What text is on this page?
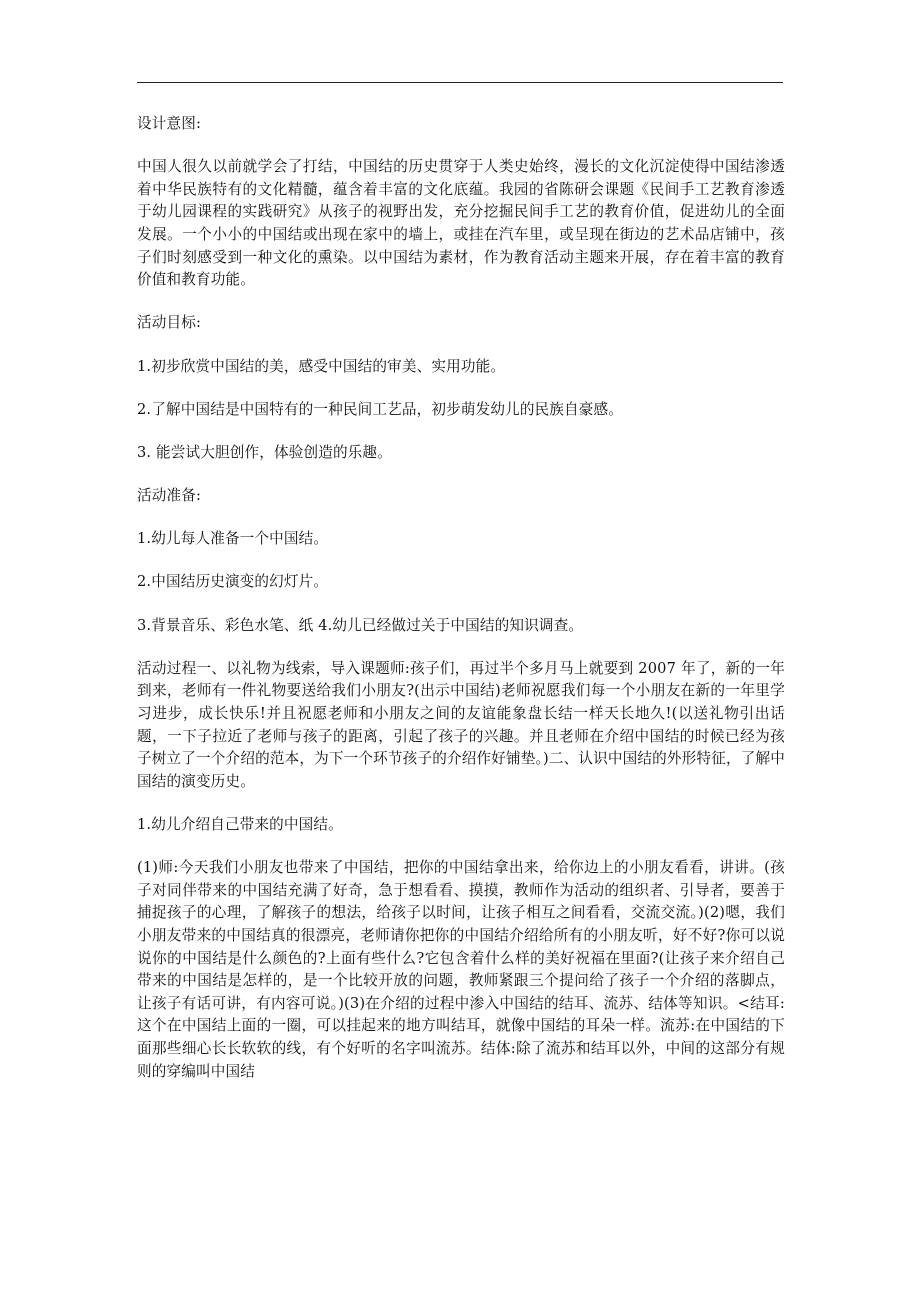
设计意图:

中国人很久以前就学会了打结，中国结的历史贯穿于人类史始终，漫长的文化沉淀使得中国结渗透着中华民族特有的文化精髓，蕴含着丰富的文化底蕴。我园的省陈研会课题《民间手工艺教育渗透于幼儿园课程的实践研究》从孩子的视野出发，充分挖掘民间手工艺的教育价值，促进幼儿的全面发展。一个小小的中国结或出现在家中的墙上，或挂在汽车里，或呈现在街边的艺术品店铺中，孩子们时刻感受到一种文化的熏染。以中国结为素材，作为教育活动主题来开展，存在着丰富的教育价值和教育功能。

活动目标:

1.初步欣赏中国结的美，感受中国结的审美、实用功能。

2.了解中国结是中国特有的一种民间工艺品，初步萌发幼儿的民族自豪感。

3. 能尝试大胆创作，体验创造的乐趣。

活动准备:

1.幼儿每人准备一个中国结。

2.中国结历史演变的幻灯片。

3.背景音乐、彩色水笔、纸 4.幼儿已经做过关于中国结的知识调查。

活动过程一、以礼物为线索，导入课题师:孩子们，再过半个多月马上就要到 2007 年了，新的一年到来，老师有一件礼物要送给我们小朋友?(出示中国结)老师祝愿我们每一个小朋友在新的一年里学习进步，成长快乐!并且祝愿老师和小朋友之间的友谊能象盘长结一样天长地久!(以送礼物引出话题，一下子拉近了老师与孩子的距离，引起了孩子的兴趣。并且老师在介绍中国结的时候已经为孩子树立了一个介绍的范本，为下一个环节孩子的介绍作好铺垫。)二、认识中国结的外形特征，了解中国结的演变历史。

1.幼儿介绍自己带来的中国结。

(1)师:今天我们小朋友也带来了中国结，把你的中国结拿出来，给你边上的小朋友看看，讲讲。(孩子对同伴带来的中国结充满了好奇，急于想看看、摸摸，教师作为活动的组织者、引导者，要善于捕捉孩子的心理，了解孩子的想法，给孩子以时间，让孩子相互之间看看，交流交流。)(2)嗯，我们小朋友带来的中国结真的很漂亮，老师请你把你的中国结介绍给所有的小朋友听，好不好?你可以说说你的中国结是什么颜色的?上面有些什么?它包含着什么样的美好祝福在里面?(让孩子来介绍自己带来的中国结是怎样的，是一个比较开放的问题，教师紧跟三个提问给了孩子一个介绍的落脚点，让孩子有话可讲，有内容可说。)(3)在介绍的过程中渗入中国结的结耳、流苏、结体等知识。<结耳:这个在中国结上面的一圈，可以挂起来的地方叫结耳，就像中国结的耳朵一样。流苏:在中国结的下面那些细心长长软软的线，有个好听的名字叫流苏。结体:除了流苏和结耳以外，中间的这部分有规则的穿编叫中国结
